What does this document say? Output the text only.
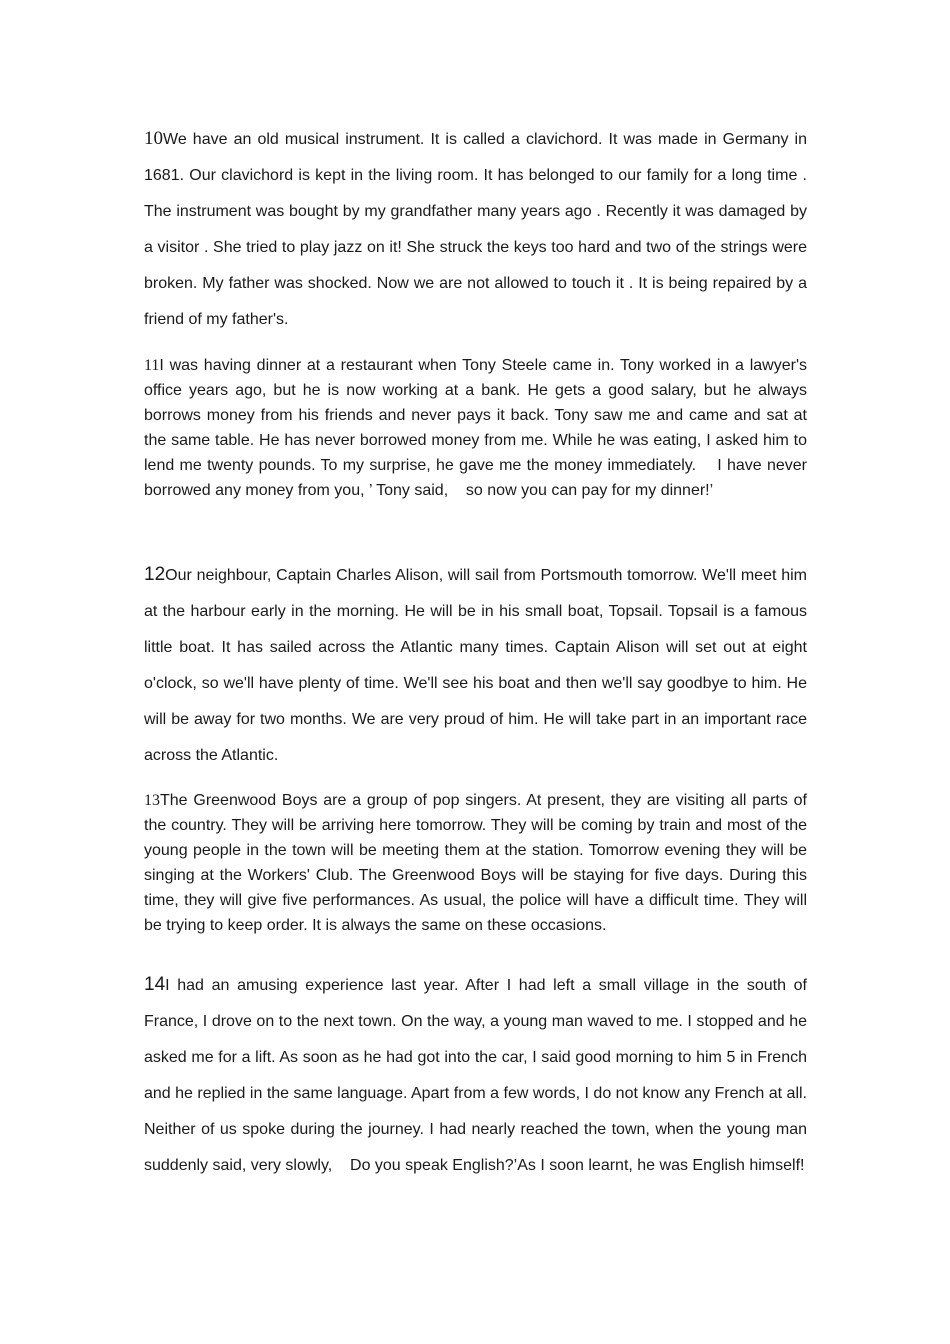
10We have an old musical instrument. It is called a clavichord. It was made in Germany in 1681. Our clavichord is kept in the living room. It has belonged to our family for a long time . The instrument was bought by my grandfather many years ago . Recently it was damaged by a visitor . She tried to play jazz on it! She struck the keys too hard and two of the strings were broken. My father was shocked. Now we are not allowed to touch it . It is being repaired by a friend of my father's.

11I was having dinner at a restaurant when Tony Steele came in. Tony worked in a lawyer's office years ago, but he is now working at a bank. He gets a good salary, but he always borrows money from his friends and never pays it back. Tony saw me and came and sat at the same table. He has never borrowed money from me. While he was eating, I asked him to lend me twenty pounds. To my surprise, he gave me the money immediately.    I have never borrowed any money from you, ’ Tony said,    so now you can pay for my dinner!’

12Our neighbour, Captain Charles Alison, will sail from Portsmouth tomorrow. We'll meet him at the harbour early in the morning. He will be in his small boat, Topsail. Topsail is a famous little boat. It has sailed across the Atlantic many times. Captain Alison will set out at eight o'clock, so we'll have plenty of time. We'll see his boat and then we'll say goodbye to him. He will be away for two months. We are very proud of him. He will take part in an important race across the Atlantic.

13The Greenwood Boys are a group of pop singers. At present, they are visiting all parts of the country. They will be arriving here tomorrow. They will be coming by train and most of the young people in the town will be meeting them at the station. Tomorrow evening they will be singing at the Workers' Club. The Greenwood Boys will be staying for five days. During this time, they will give five performances. As usual, the police will have a difficult time. They will be trying to keep order. It is always the same on these occasions.

14I had an amusing experience last year. After I had left a small village in the south of France, I drove on to the next town. On the way, a young man waved to me. I stopped and he asked me for a lift. As soon as he had got into the car, I said good morning to him 5 in French and he replied in the same language. Apart from a few words, I do not know any French at all. Neither of us spoke during the journey. I had nearly reached the town, when the young man suddenly said, very slowly,    Do you speak English?’As I soon learnt, he was English himself!
